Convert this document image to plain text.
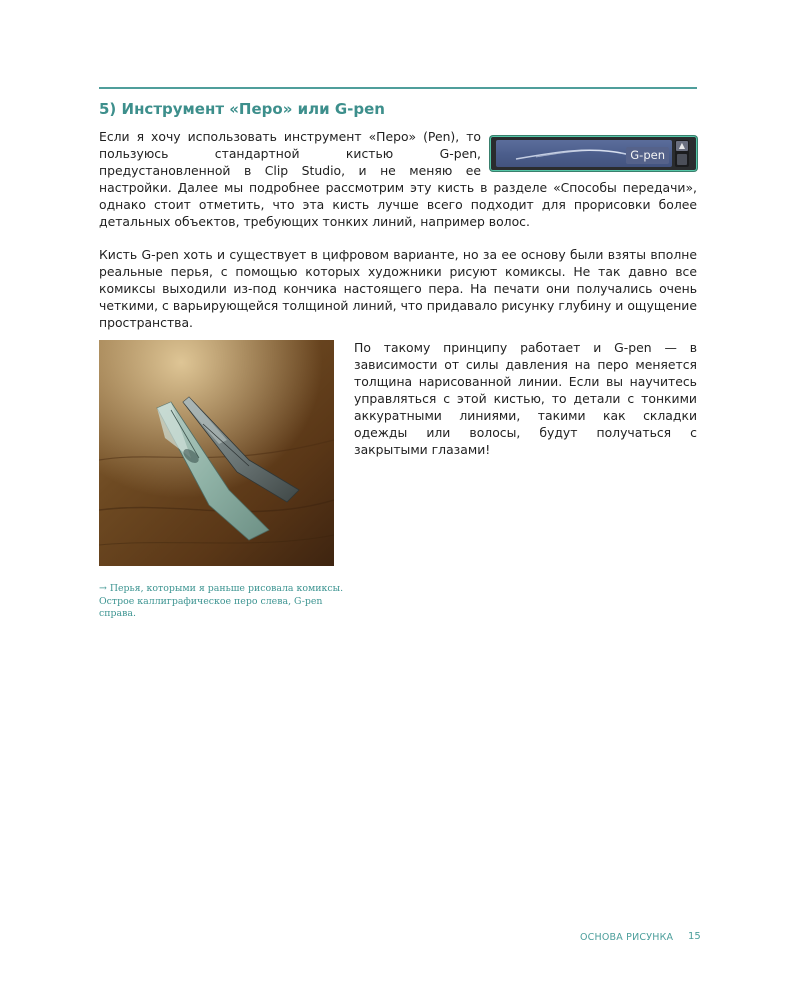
5) Инструмент «Перо» или G-pen
Если я хочу использовать инструмент «Перо» (Pen), то пользуюсь стандартной кистью G-pen, предустановленной в Clip Studio, и не меняю ее настройки. Далее мы подробнее рассмотрим эту кисть в разделе «Способы передачи», однако стоит отметить, что эта кисть лучше всего подходит для прорисовки более детальных объектов, требующих тонких линий, например волос.
G-pen
▲

Кисть G-pen хоть и существует в цифровом варианте, но за ее основу были взяты вполне реальные перья, с помощью которых художники рисуют комиксы. Не так давно все комиксы выходили из-под кончика настоящего пера. На печати они получались очень четкими, с варьирующейся толщиной линий, что придавало рисунку глубину и ощущение пространства.

→ Перья, которыми я раньше рисовала комиксы. Острое каллиграфическое перо слева, G-pen справа.

По такому принципу работает и G-pen — в зависимости от силы давления на перо меняется толщина нарисованной линии. Если вы научитесь управляться с этой кистью, то детали с тонкими аккуратными линиями, такими как складки одежды или волосы, будут получаться с закрытыми глазами!

ОСНОВА РИСУНКА 15
